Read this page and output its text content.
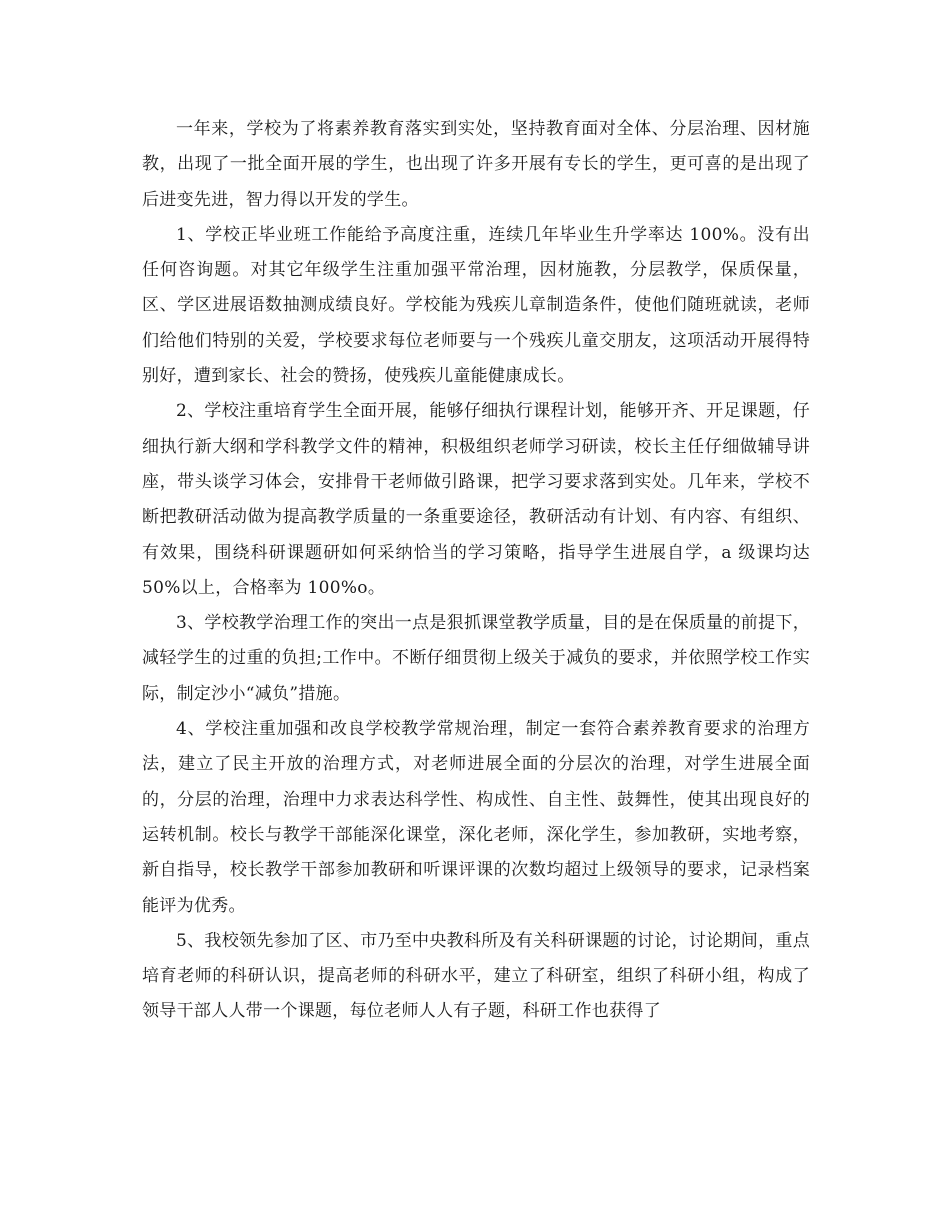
一年来，学校为了将素养教育落实到实处，坚持教育面对全体、分层治理、因材施教，出现了一批全面开展的学生，也出现了许多开展有专长的学生，更可喜的是出现了后进变先进，智力得以开发的学生。

1、学校正毕业班工作能给予高度注重，连续几年毕业生升学率达 100%。没有出任何咨询题。对其它年级学生注重加强平常治理，因材施教，分层教学，保质保量，区、学区进展语数抽测成绩良好。学校能为残疾儿章制造条件，使他们随班就读，老师们给他们特别的关爱，学校要求每位老师要与一个残疾儿童交朋友，这项活动开展得特别好，遭到家长、社会的赞扬，使残疾儿童能健康成长。

2、学校注重培育学生全面开展，能够仔细执行课程计划，能够开齐、开足课题，仔细执行新大纲和学科教学文件的精神，积极组织老师学习研读，校长主任仔细做辅导讲座，带头谈学习体会，安排骨干老师做引路课，把学习要求落到实处。几年来，学校不断把教研活动做为提高教学质量的一条重要途径，教研活动有计划、有内容、有组织、有效果，围绕科研课题研如何采纳恰当的学习策略，指导学生进展自学，a 级课均达 50%以上，合格率为 100%o。

3、学校教学治理工作的突出一点是狠抓课堂教学质量，目的是在保质量的前提下，减轻学生的过重的负担;工作中。不断仔细贯彻上级关于减负的要求，并依照学校工作实际，制定沙小“减负”措施。

4、学校注重加强和改良学校教学常规治理，制定一套符合素养教育要求的治理方法，建立了民主开放的治理方式，对老师进展全面的分层次的治理，对学生进展全面的，分层的治理，治理中力求表达科学性、构成性、自主性、鼓舞性，使其出现良好的运转机制。校长与教学干部能深化课堂，深化老师，深化学生，参加教研，实地考察，新自指导，校长教学干部参加教研和听课评课的次数均超过上级领导的要求，记录档案能评为优秀。

5、我校领先参加了区、市乃至中央教科所及有关科研课题的讨论，讨论期间，重点培育老师的科研认识，提高老师的科研水平，建立了科研室，组织了科研小组，构成了领导干部人人带一个课题，每位老师人人有子题，科研工作也获得了
